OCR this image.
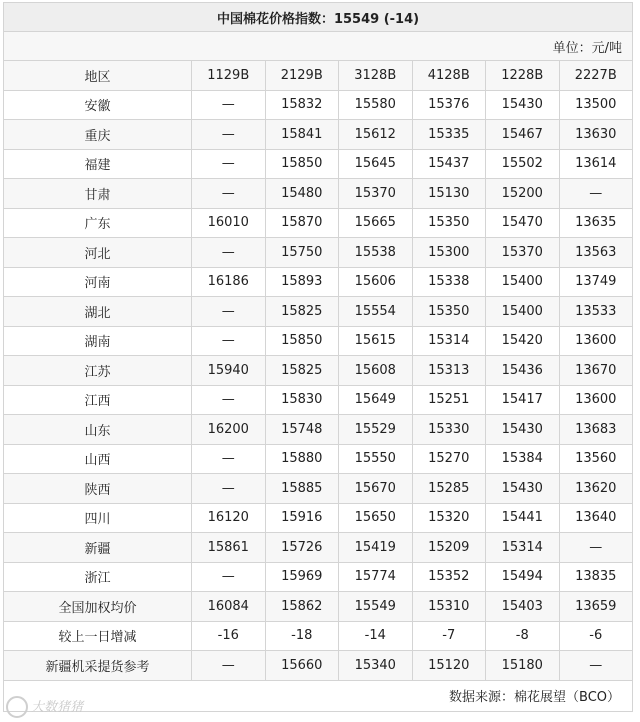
中国棉花价格指数：15549 (-14)						
单位：元/吨						
地区	1129B	2129B	3128B	4128B	1228B	2227B
安徽	—	15832	15580	15376	15430	13500
重庆	—	15841	15612	15335	15467	13630
福建	—	15850	15645	15437	15502	13614
甘肃	—	15480	15370	15130	15200	—
广东	16010	15870	15665	15350	15470	13635
河北	—	15750	15538	15300	15370	13563
河南	16186	15893	15606	15338	15400	13749
湖北	—	15825	15554	15350	15400	13533
湖南	—	15850	15615	15314	15420	13600
江苏	15940	15825	15608	15313	15436	13670
江西	—	15830	15649	15251	15417	13600
山东	16200	15748	15529	15330	15430	13683
山西	—	15880	15550	15270	15384	13560
陕西	—	15885	15670	15285	15430	13620
四川	16120	15916	15650	15320	15441	13640
新疆	15861	15726	15419	15209	15314	—
浙江	—	15969	15774	15352	15494	13835
全国加权均价	16084	15862	15549	15310	15403	13659
较上一日增减	-16	-18	-14	-7	-8	-6
新疆机采提货参考	—	15660	15340	15120	15180	—
数据来源：棉花展望（BCO）						
大数猪猪
